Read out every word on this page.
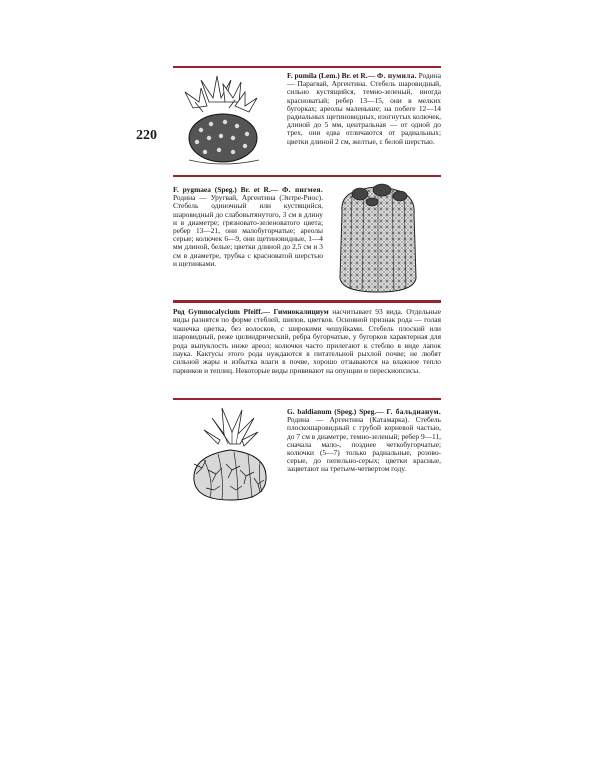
220
F. pumila (Lem.) Br. et R.— Ф. пумила. Родина — Парагвай, Аргентина. Стебель шаровидный, сильно кустящийся, темно-зеленый, иногда красноватый; ребер 13—15, они в мелких бугорках; ареолы маленькие; на побеге 12—14 радиальных щетиновидных, изогнутых колючек, длиной до 5 мм, центральная — от одной до трех, они едва отличаются от радиальных; цветки длиной 2 см, желтые, с белой шерстью.
F. pygmaea (Speg.) Br. et R.— Ф. пигмея. Родина — Уругвай, Аргентина (Энтре-Риос). Стебель одиночный или кустящийся, шаровидный до слабовытянутого, 3 см в длину и в диаметре; грязновато-зеленоватого цвета; ребер 13—21, они малобугорчатые; ареолы серые; колючек 6—9, они щетиновидные, 1—4 мм длиной, белые; цветки длиной до 2,5 см и 3 см в диаметре, трубка с красноватой шерстью и щетинками.
Род Gymnocalycium Pfeiff.— Гимнокалициум насчитывает 93 вида. Отдельные виды разнятся по форме стеблей, шипов, цветков. Основной признак рода — голая чашечка цветка, без волосков, с широкими чешуйками. Стебель плоский или шаровидный, реже цилиндрический, ребра бугорчатые, у бугорков характерная для рода выпуклость ниже ареол; колючки часто прилегают к стеблю в виде лапок паука. Кактусы этого рода нуждаются в питательной рыхлой почве; не любят сильной жары и избытка влаги в почве, хорошо отзываются на влажное тепло парников и теплиц. Некоторые виды прививают на опунции и перескиопсисы.
G. baldianum (Speg.) Speg.— Г. бальдианум. Родина — Аргентина (Катамарка). Стебель плоскошаровидный с грубой корневой частью, до 7 см в диаметре, темно-зеленый; ребер 9—11, сначала мало-, позднее четкобугорчатые; колючки (5—7) только радиальные, розово-серые, до пепельно-серых; цветки красные, зацветают на третьем-четвертом году.
